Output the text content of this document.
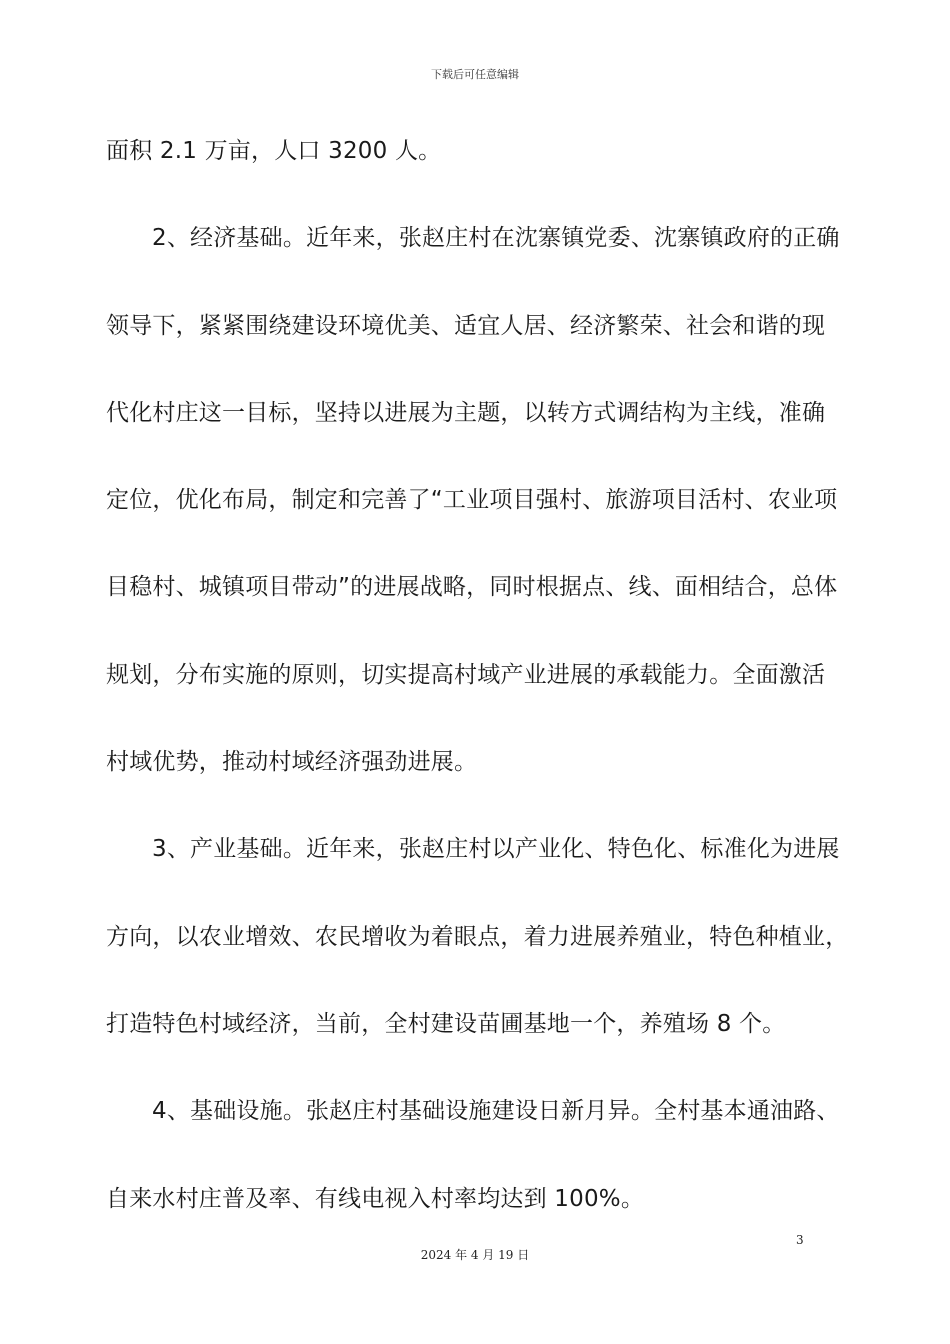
下载后可任意编辑
面积 2.1 万亩，人口 3200 人。
2、经济基础。近年来，张赵庄村在沈寨镇党委、沈寨镇政府的正确
领导下，紧紧围绕建设环境优美、适宜人居、经济繁荣、社会和谐的现
代化村庄这一目标，坚持以进展为主题，以转方式调结构为主线，准确
定位，优化布局，制定和完善了“工业项目强村、旅游项目活村、农业项
目稳村、城镇项目带动”的进展战略，同时根据点、线、面相结合，总体
规划，分布实施的原则，切实提高村域产业进展的承载能力。全面激活
村域优势，推动村域经济强劲进展。
3、产业基础。近年来，张赵庄村以产业化、特色化、标准化为进展
方向，以农业增效、农民增收为着眼点，着力进展养殖业，特色种植业，
打造特色村域经济，当前，全村建设苗圃基地一个，养殖场 8 个。
4、基础设施。张赵庄村基础设施建设日新月异。全村基本通油路、
自来水村庄普及率、有线电视入村率均达到 100%。
3
2024 年 4 月 19 日
